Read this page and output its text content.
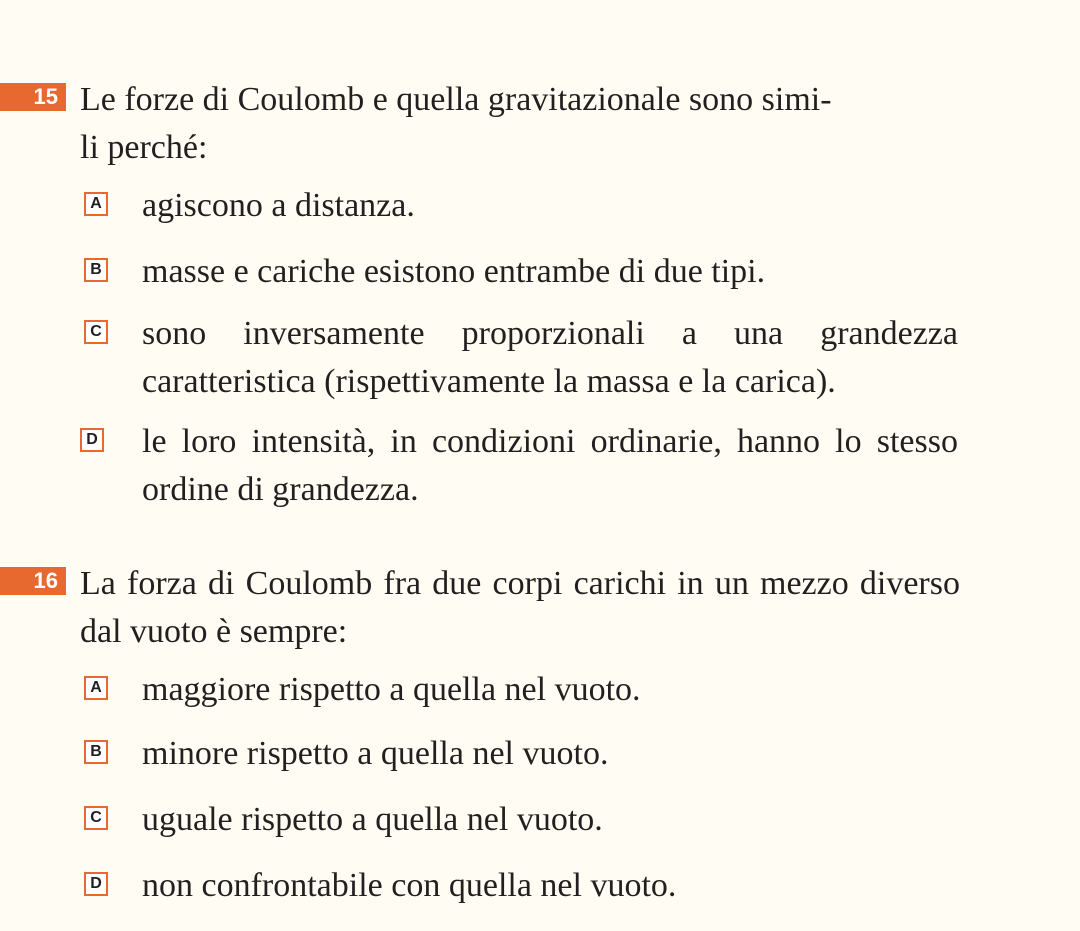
15 Le forze di Coulomb e quella gravitazionale sono simi-
li perché:
A agiscono a distanza.
B masse e cariche esistono entrambe di due tipi.
C sono inversamente proporzionali a una grandezza caratteristica (rispettivamente la massa e la carica).
D le loro intensità, in condizioni ordinarie, hanno lo stesso ordine di grandezza.
16 La forza di Coulomb fra due corpi carichi in un mezzo diverso dal vuoto è sempre:
A maggiore rispetto a quella nel vuoto.
B minore rispetto a quella nel vuoto.
C uguale rispetto a quella nel vuoto.
D non confrontabile con quella nel vuoto.
